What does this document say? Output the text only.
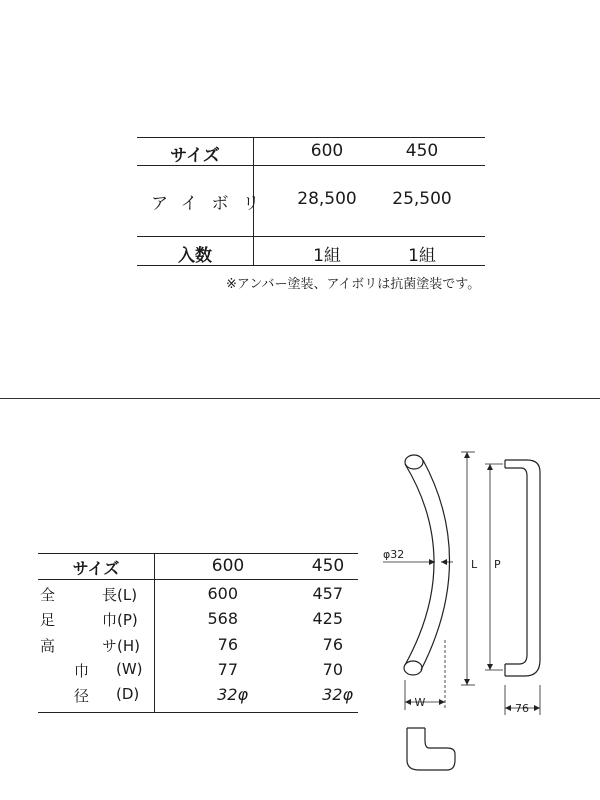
サイズ	600	450
アイボリ	28,500	25,500
入数	1組	1組
※アンバー塗装、アイボリは抗菌塗装です。
サイズ	600	450
全	長(L)	600	457
足	巾(P)	568	425
高	サ(H)	76	76
巾 (W)	77	70
径 (D)	32φ	32φ
φ32
W
L P
76
